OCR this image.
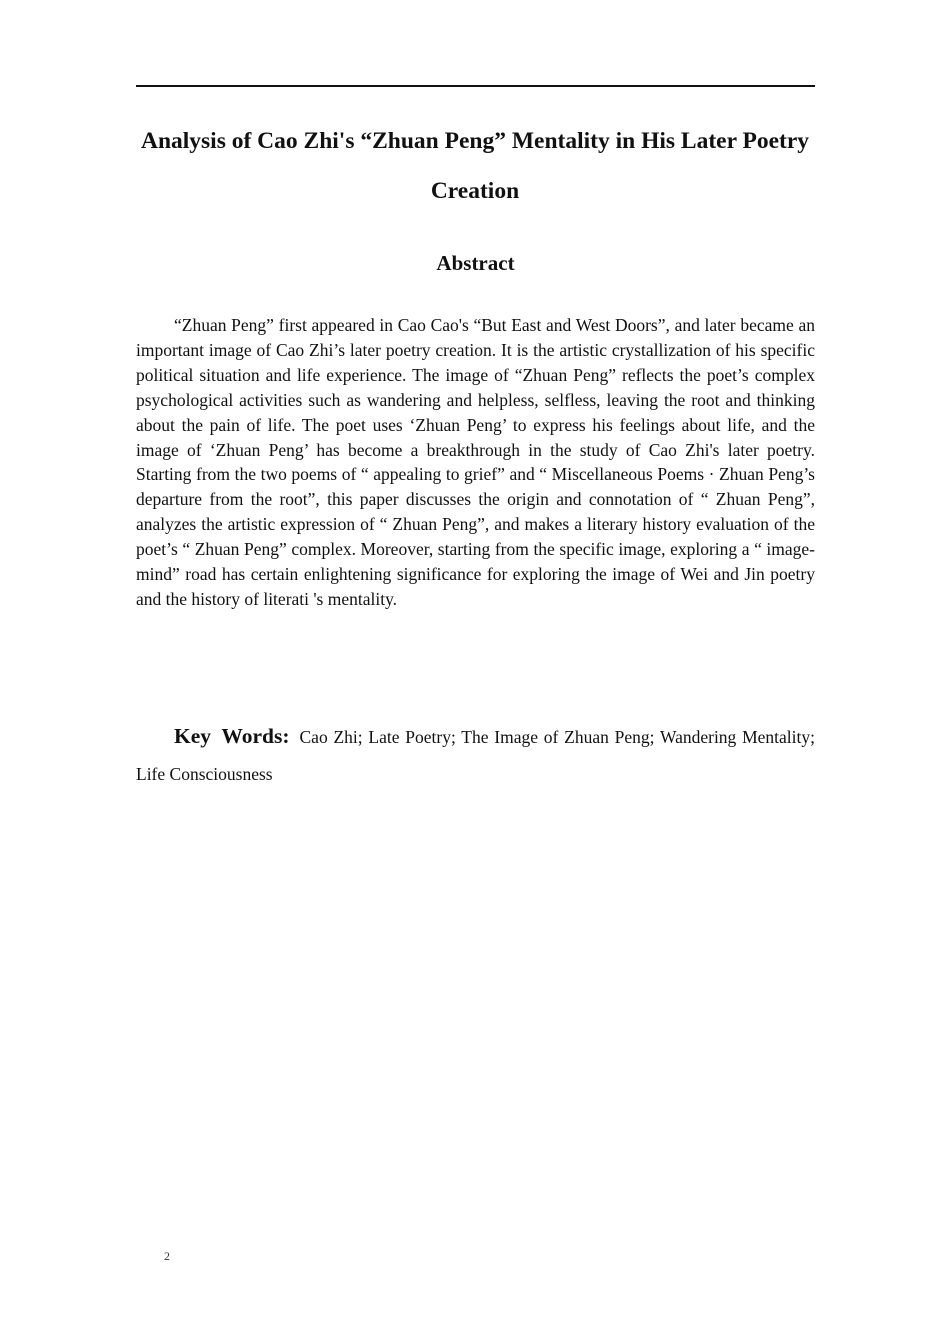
Analysis of Cao Zhi's “Zhuan Peng” Mentality in His Later Poetry Creation
Abstract

“Zhuan Peng” first appeared in Cao Cao's “But East and West Doors”, and later became an important image of Cao Zhi’s later poetry creation. It is the artistic crystallization of his specific political situation and life experience. The image of “Zhuan Peng” reflects the poet’s complex psychological activities such as wandering and helpless, selfless, leaving the root and thinking about the pain of life. The poet uses ‘Zhuan Peng’ to express his feelings about life, and the image of ‘Zhuan Peng’ has become a breakthrough in the study of Cao Zhi's later poetry. Starting from the two poems of “ appealing to grief” and “ Miscellaneous Poems · Zhuan Peng’s departure from the root”, this paper discusses the origin and connotation of “ Zhuan Peng”, analyzes the artistic expression of “ Zhuan Peng”, and makes a literary history evaluation of the poet’s “ Zhuan Peng” complex. Moreover, starting from the specific image, exploring a “ image-mind” road has certain enlightening significance for exploring the image of Wei and Jin poetry and the history of literati 's mentality.

Key Words: Cao Zhi; Late Poetry; The Image of Zhuan Peng; Wandering Mentality; Life Consciousness

2
